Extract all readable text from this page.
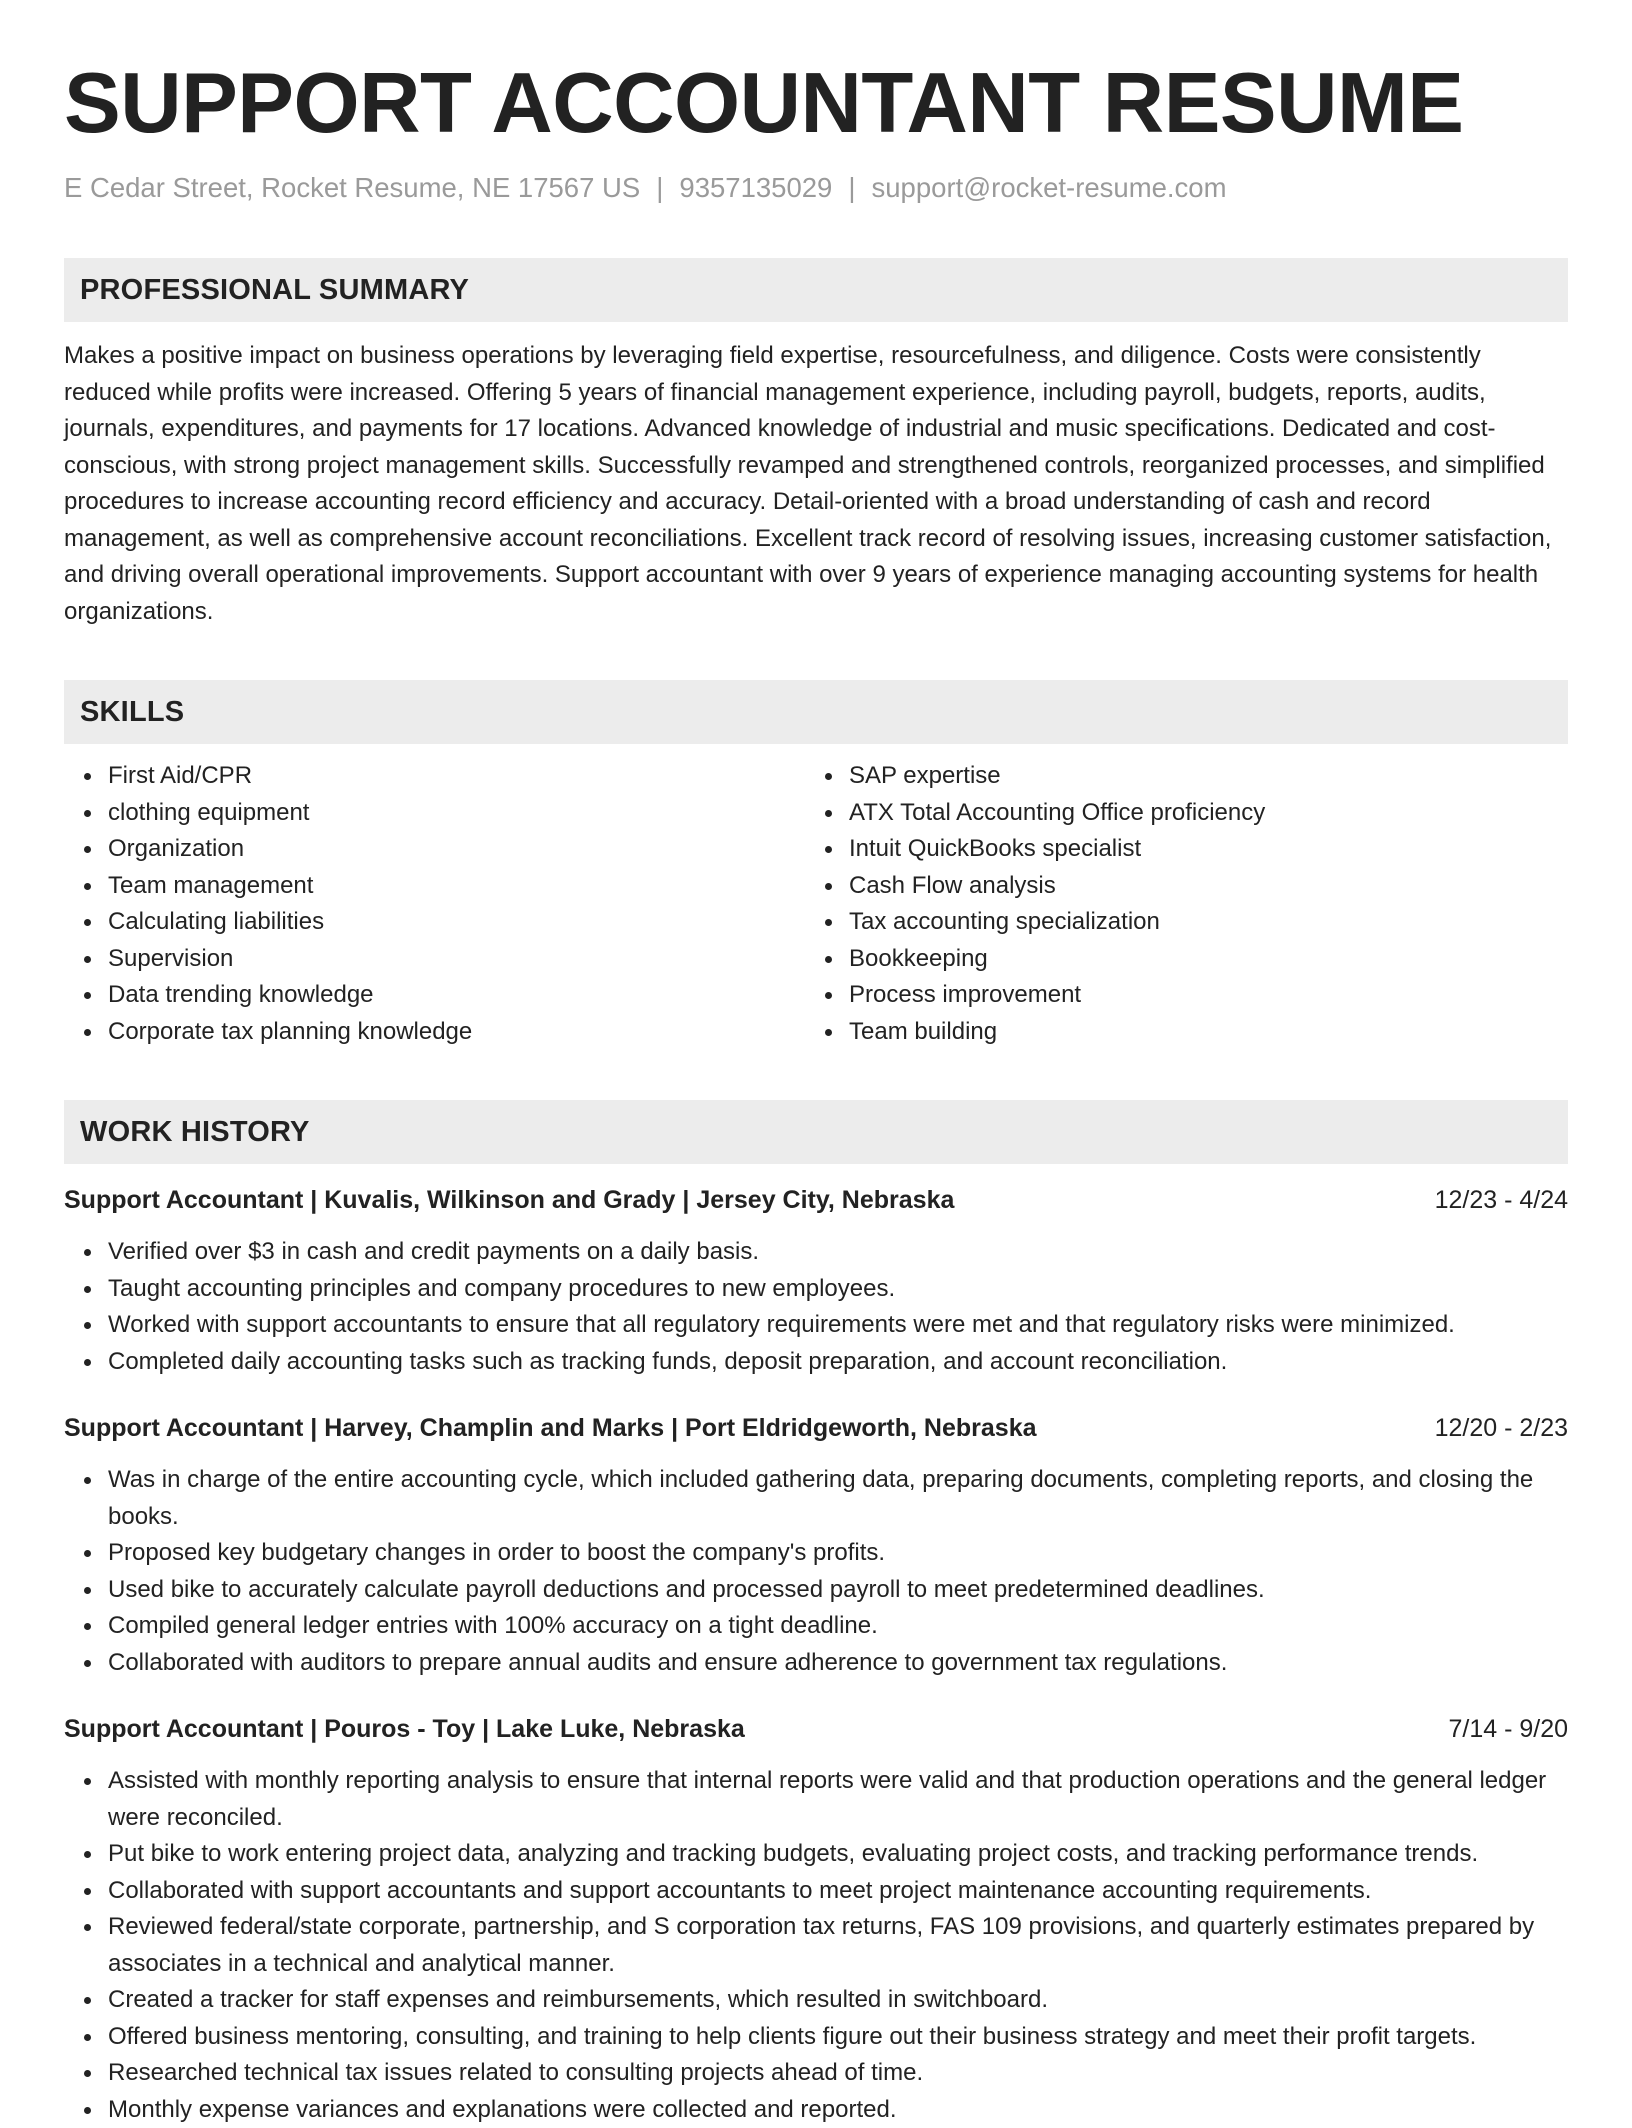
SUPPORT ACCOUNTANT RESUME
E Cedar Street, Rocket Resume, NE 17567 US | 9357135029 | support@rocket-resume.com
PROFESSIONAL SUMMARY
Makes a positive impact on business operations by leveraging field expertise, resourcefulness, and diligence. Costs were consistently reduced while profits were increased. Offering 5 years of financial management experience, including payroll, budgets, reports, audits, journals, expenditures, and payments for 17 locations. Advanced knowledge of industrial and music specifications. Dedicated and cost-conscious, with strong project management skills. Successfully revamped and strengthened controls, reorganized processes, and simplified procedures to increase accounting record efficiency and accuracy. Detail-oriented with a broad understanding of cash and record management, as well as comprehensive account reconciliations. Excellent track record of resolving issues, increasing customer satisfaction, and driving overall operational improvements. Support accountant with over 9 years of experience managing accounting systems for health organizations.
SKILLS
First Aid/CPR
clothing equipment
Organization
Team management
Calculating liabilities
Supervision
Data trending knowledge
Corporate tax planning knowledge
SAP expertise
ATX Total Accounting Office proficiency
Intuit QuickBooks specialist
Cash Flow analysis
Tax accounting specialization
Bookkeeping
Process improvement
Team building
WORK HISTORY
Support Accountant | Kuvalis, Wilkinson and Grady | Jersey City, Nebraska	12/23 - 4/24
Verified over $3 in cash and credit payments on a daily basis.
Taught accounting principles and company procedures to new employees.
Worked with support accountants to ensure that all regulatory requirements were met and that regulatory risks were minimized.
Completed daily accounting tasks such as tracking funds, deposit preparation, and account reconciliation.
Support Accountant | Harvey, Champlin and Marks | Port Eldridgeworth, Nebraska	12/20 - 2/23
Was in charge of the entire accounting cycle, which included gathering data, preparing documents, completing reports, and closing the books.
Proposed key budgetary changes in order to boost the company's profits.
Used bike to accurately calculate payroll deductions and processed payroll to meet predetermined deadlines.
Compiled general ledger entries with 100% accuracy on a tight deadline.
Collaborated with auditors to prepare annual audits and ensure adherence to government tax regulations.
Support Accountant | Pouros - Toy | Lake Luke, Nebraska	7/14 - 9/20
Assisted with monthly reporting analysis to ensure that internal reports were valid and that production operations and the general ledger were reconciled.
Put bike to work entering project data, analyzing and tracking budgets, evaluating project costs, and tracking performance trends.
Collaborated with support accountants and support accountants to meet project maintenance accounting requirements.
Reviewed federal/state corporate, partnership, and S corporation tax returns, FAS 109 provisions, and quarterly estimates prepared by associates in a technical and analytical manner.
Created a tracker for staff expenses and reimbursements, which resulted in switchboard.
Offered business mentoring, consulting, and training to help clients figure out their business strategy and meet their profit targets.
Researched technical tax issues related to consulting projects ahead of time.
Monthly expense variances and explanations were collected and reported.
